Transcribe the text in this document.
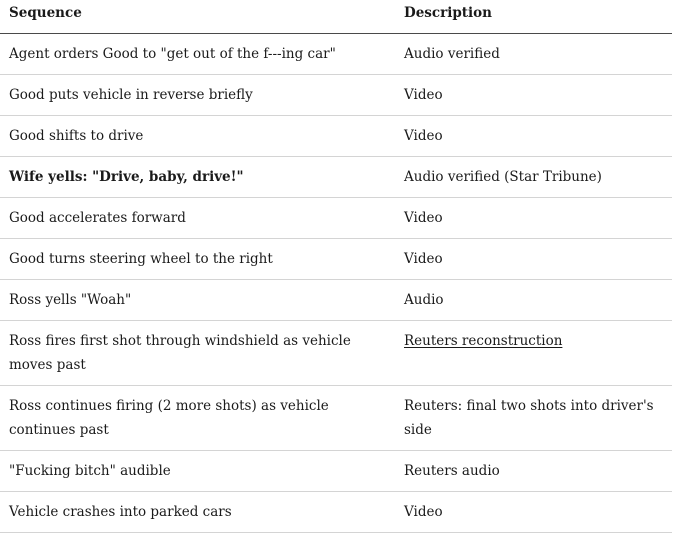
Sequence	Description
Agent orders Good to "get out of the f---ing car"	Audio verified
Good puts vehicle in reverse briefly	Video
Good shifts to drive	Video
Wife yells: "Drive, baby, drive!"	Audio verified (Star Tribune)
Good accelerates forward	Video
Good turns steering wheel to the right	Video
Ross yells "Woah"	Audio
Ross fires first shot through windshield as vehicle moves past	Reuters reconstruction
Ross continues firing (2 more shots) as vehicle continues past	Reuters: final two shots into driver's side
"Fucking bitch" audible	Reuters audio
Vehicle crashes into parked cars	Video
